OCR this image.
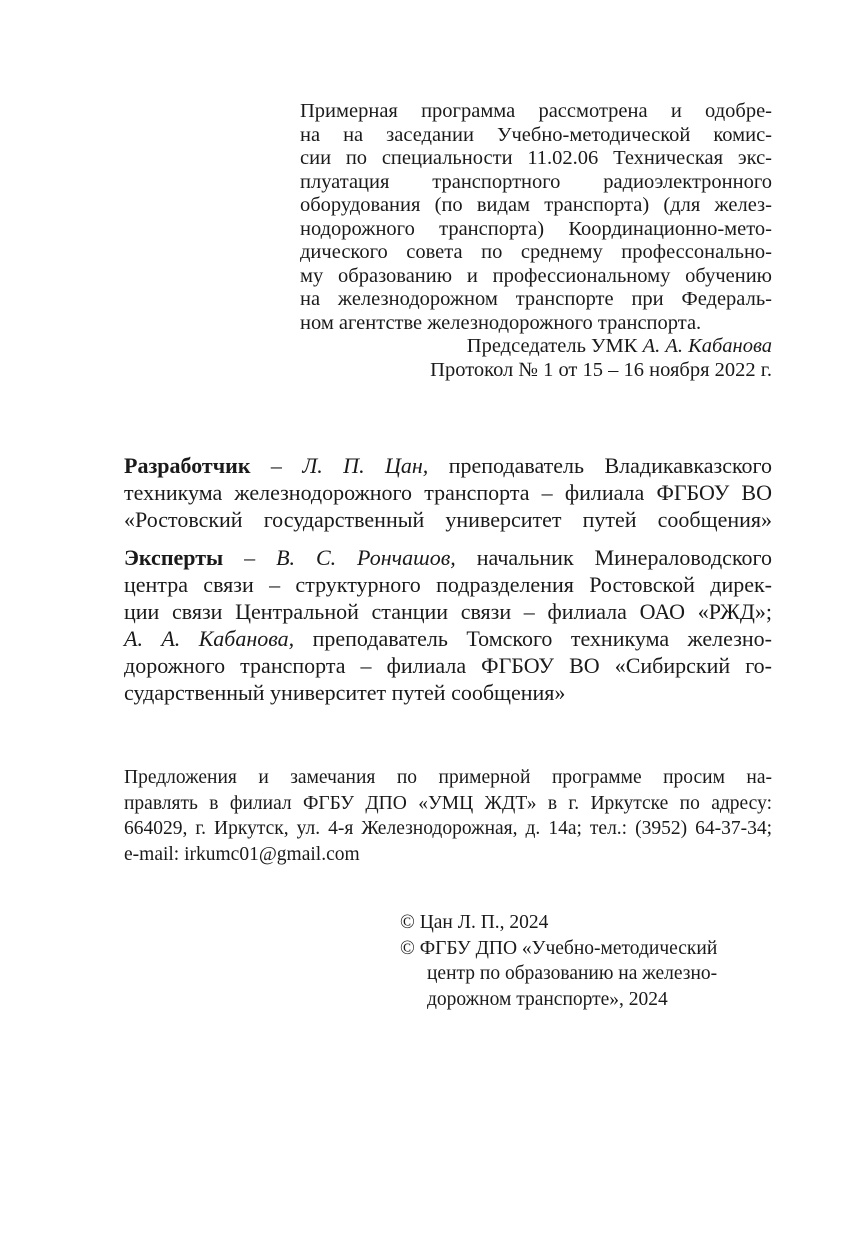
Примерная программа рассмотрена и одобре-
на на заседании Учебно-методической комис-
сии по специальности 11.02.06 Техническая экс-
плуатация транспортного радиоэлектронного
оборудования (по видам транспорта) (для желез-
нодорожного транспорта) Координационно-мето-
дического совета по среднему профессонально-
му образованию и профессиональному обучению
на железнодорожном транспорте при Федераль-
ном агентстве железнодорожного транспорта.
Председатель УМК А. А. Кабанова
Протокол № 1 от 15 – 16 ноября 2022 г.
Разработчик – Л. П. Цан, преподаватель Владикавказского
техникума железнодорожного транспорта – филиала ФГБОУ ВО
«Ростовский государственный университет путей сообщения»
Эксперты – В. С. Рончашов, начальник Минераловодского
центра связи – структурного подразделения Ростовской дирек-
ции связи Центральной станции связи – филиала ОАО «РЖД»;
А. А. Кабанова, преподаватель Томского техникума железно-
дорожного транспорта – филиала ФГБОУ ВО «Сибирский го-
сударственный университет путей сообщения»
Предложения и замечания по примерной программе просим на-
правлять в филиал ФГБУ ДПО «УМЦ ЖДТ» в г. Иркутске по адресу:
664029, г. Иркутск, ул. 4-я Железнодорожная, д. 14а; тел.: (3952) 64-37-34;
e-mail: irkumc01@gmail.com
© Цан Л. П., 2024
© ФГБУ ДПО «Учебно-методический
центр по образованию на железно-
дорожном транспорте», 2024
